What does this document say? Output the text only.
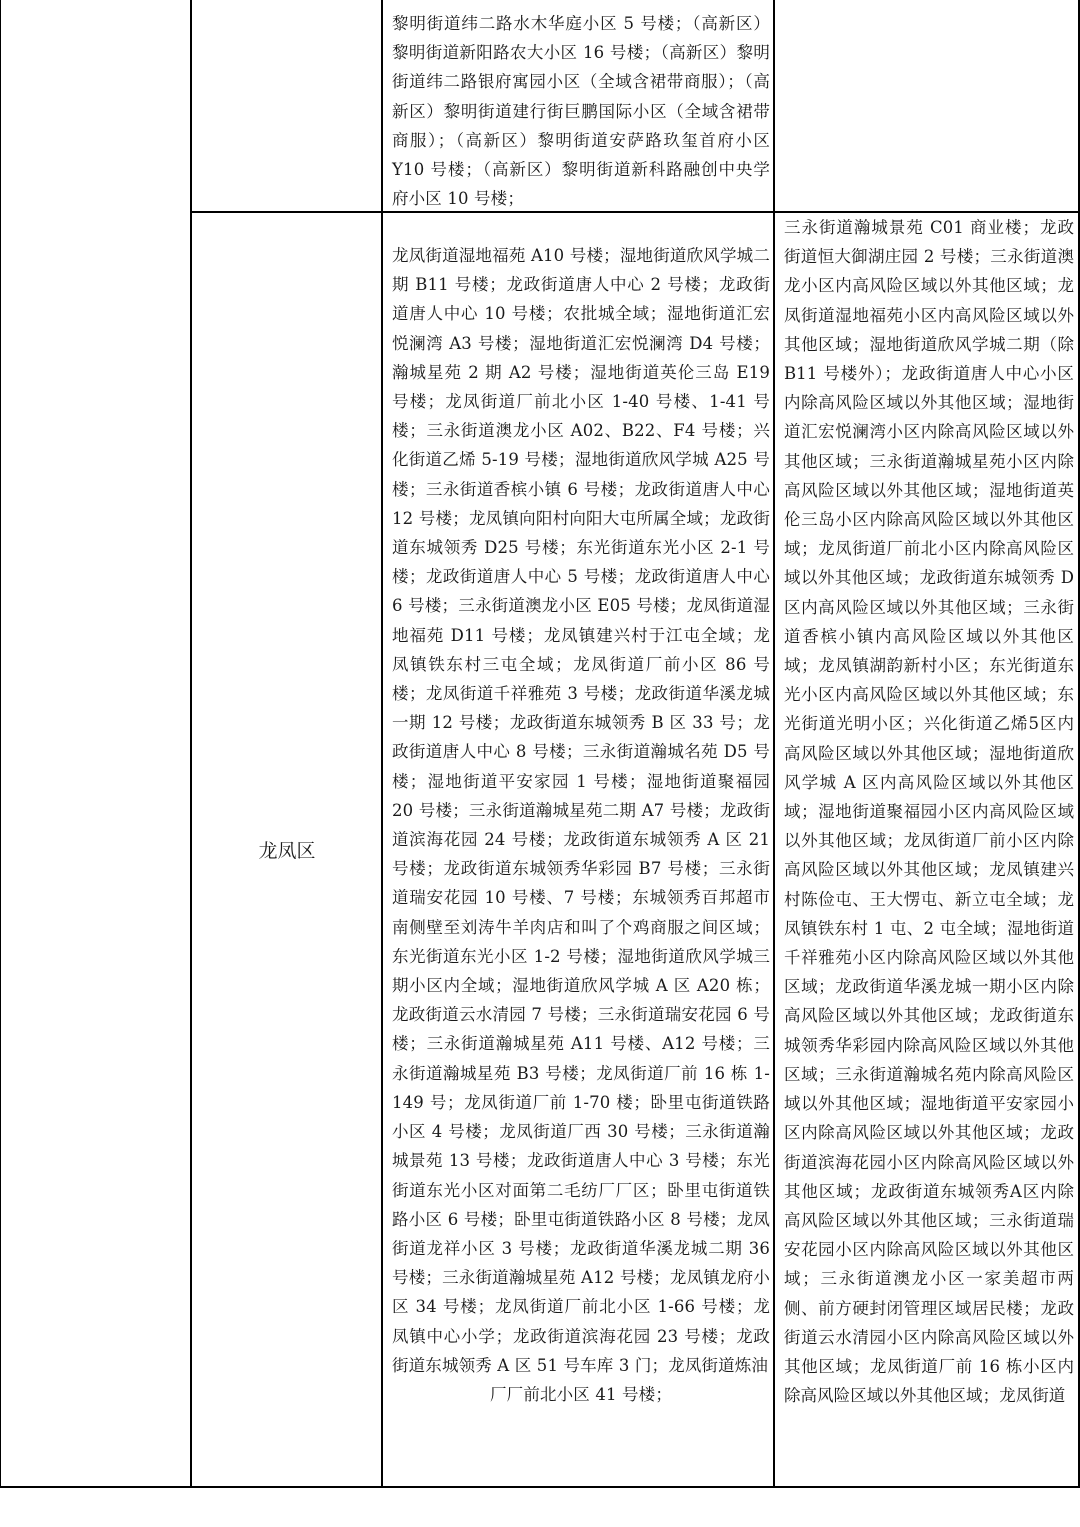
黎明街道纬二路水木华庭小区 5 号楼；（高新区）黎明街道新阳路农大小区 16 号楼；（高新区）黎明街道纬二路银府寓园小区（全域含裙带商服）；（高新区）黎明街道建行街巨鹏国际小区（全域含裙带商服）；（高新区）黎明街道安萨路玖玺首府小区 Y10 号楼；（高新区）黎明街道新科路融创中央学府小区 10 号楼；

龙凤区
龙凤街道湿地福苑 A10 号楼；湿地街道欣风学城二期 B11 号楼；龙政街道唐人中心 2 号楼；龙政街道唐人中心 10 号楼；农批城全域；湿地街道汇宏悦澜湾 A3 号楼；湿地街道汇宏悦澜湾 D4 号楼；瀚城星苑 2 期 A2 号楼；湿地街道英伦三岛 E19 号楼；龙凤街道厂前北小区 1-40 号楼、1-41 号楼；三永街道澳龙小区 A02、B22、F4 号楼；兴化街道乙烯 5-19 号楼；湿地街道欣风学城 A25 号楼；三永街道香槟小镇 6 号楼；龙政街道唐人中心 12 号楼；龙凤镇向阳村向阳大屯所属全域；龙政街道东城领秀 D25 号楼；东光街道东光小区 2-1 号楼；龙政街道唐人中心 5 号楼；龙政街道唐人中心 6 号楼；三永街道澳龙小区 E05 号楼；龙凤街道湿地福苑 D11 号楼；龙凤镇建兴村于江屯全域；龙凤镇铁东村三屯全域；龙凤街道厂前小区 86 号楼；龙凤街道千祥雅苑 3 号楼；龙政街道华溪龙城一期 12 号楼；龙政街道东城领秀 B 区 33 号；龙政街道唐人中心 8 号楼；三永街道瀚城名苑 D5 号楼；湿地街道平安家园 1 号楼；湿地街道聚福园 20 号楼；三永街道瀚城星苑二期 A7 号楼；龙政街道滨海花园 24 号楼；龙政街道东城领秀 A 区 21 号楼；龙政街道东城领秀华彩园 B7 号楼；三永街道瑞安花园 10 号楼、7 号楼；东城领秀百邦超市南侧壁至刘涛牛羊肉店和叫了个鸡商服之间区域；东光街道东光小区 1-2 号楼；湿地街道欣风学城三期小区内全域；湿地街道欣风学城 A 区 A20 栋；龙政街道云水清园 7 号楼；三永街道瑞安花园 6 号楼；三永街道瀚城星苑 A11 号楼、A12 号楼；三永街道瀚城星苑 B3 号楼；龙凤街道厂前 16 栋 1-149 号；龙凤街道厂前 1-70 楼；卧里屯街道铁路小区 4 号楼；龙凤街道厂西 30 号楼；三永街道瀚城景苑 13 号楼；龙政街道唐人中心 3 号楼；东光街道东光小区对面第二毛纺厂厂区；卧里屯街道铁路小区 6 号楼；卧里屯街道铁路小区 8 号楼；龙凤街道龙祥小区 3 号楼；龙政街道华溪龙城二期 36 号楼；三永街道瀚城星苑 A12 号楼；龙凤镇龙府小区 34 号楼；龙凤街道厂前北小区 1-66 号楼；龙凤镇中心小学；龙政街道滨海花园 23 号楼；龙政街道东城领秀 A 区 51 号车库 3 门；龙凤街道炼油
厂厂前北小区 41 号楼；

三永街道瀚城景苑 C01 商业楼；龙政街道恒大御湖庄园 2 号楼；三永街道澳龙小区内高风险区域以外其他区域；龙凤街道湿地福苑小区内高风险区域以外其他区域；湿地街道欣风学城二期（除 B11 号楼外）；龙政街道唐人中心小区内除高风险区域以外其他区域；湿地街道汇宏悦澜湾小区内除高风险区域以外其他区域；三永街道瀚城星苑小区内除高风险区域以外其他区域；湿地街道英伦三岛小区内除高风险区域以外其他区域；龙凤街道厂前北小区内除高风险区域以外其他区域；龙政街道东城领秀 D 区内高风险区域以外其他区域；三永街道香槟小镇内高风险区域以外其他区域；龙凤镇湖韵新村小区；东光街道东光小区内高风险区域以外其他区域；东光街道光明小区；兴化街道乙烯5区内高风险区域以外其他区域；湿地街道欣风学城 A 区内高风险区域以外其他区域；湿地街道聚福园小区内高风险区域以外其他区域；龙凤街道厂前小区内除高风险区域以外其他区域；龙凤镇建兴村陈俭屯、王大愣屯、新立屯全域；龙凤镇铁东村 1 屯、2 屯全域；湿地街道千祥雅苑小区内除高风险区域以外其他区域；龙政街道华溪龙城一期小区内除高风险区域以外其他区域；龙政街道东城领秀华彩园内除高风险区域以外其他区域；三永街道瀚城名苑内除高风险区域以外其他区域；湿地街道平安家园小区内除高风险区域以外其他区域；龙政街道滨海花园小区内除高风险区域以外其他区域；龙政街道东城领秀A区内除高风险区域以外其他区域；三永街道瑞安花园小区内除高风险区域以外其他区域；三永街道澳龙小区一家美超市两侧、前方硬封闭管理区域居民楼；龙政街道云水清园小区内除高风险区域以外其他区域；龙凤街道厂前 16 栋小区内除高风险区域以外其他区域；龙凤街道
